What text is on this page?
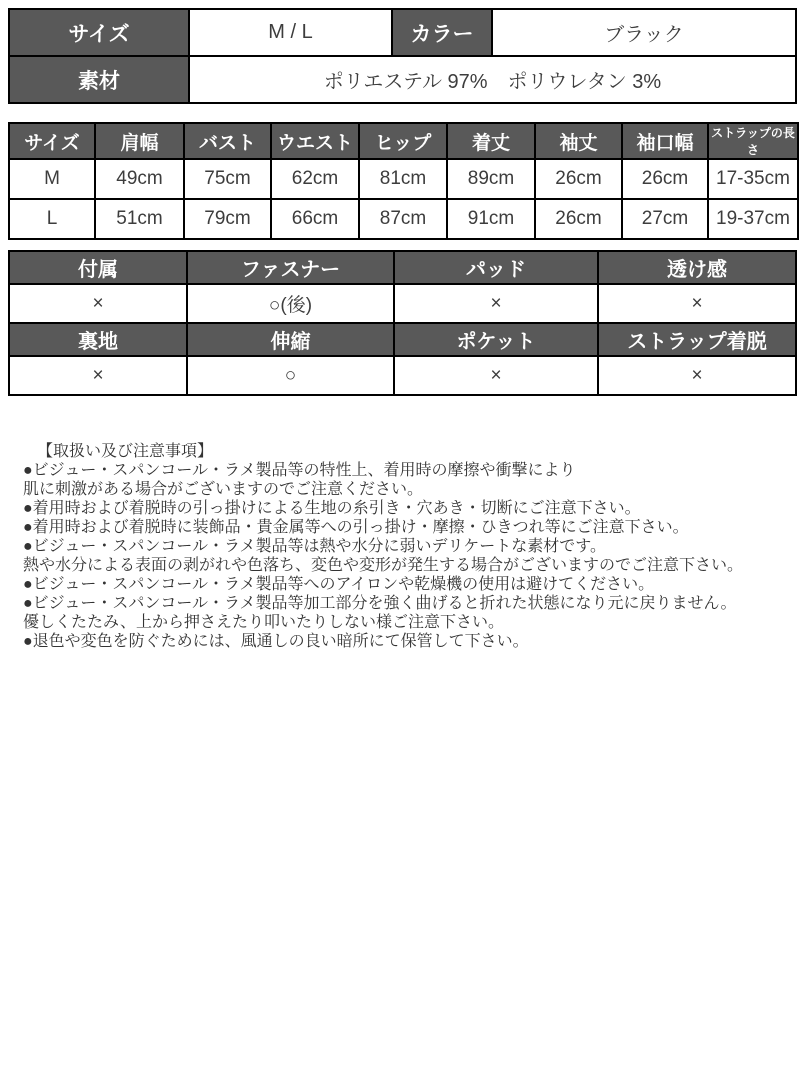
サイズ	M / L	カラー	ブラック
素材	ポリエステル 97%　ポリウレタン 3%		
サイズ	肩幅	バスト	ウエスト	ヒップ	着丈	袖丈	袖口幅	ストラップの長さ
M	49cm	75cm	62cm	81cm	89cm	26cm	26cm	17-35cm
L	51cm	79cm	66cm	87cm	91cm	26cm	27cm	19-37cm
付属	ファスナー	パッド	透け感
×	○(後)	×	×
裏地	伸縮	ポケット	ストラップ着脱
×	○	×	×
【取扱い及び注意事項】
●ビジュー・スパンコール・ラメ製品等の特性上、着用時の摩擦や衝撃により
肌に刺激がある場合がございますのでご注意ください。
●着用時および着脱時の引っ掛けによる生地の糸引き・穴あき・切断にご注意下さい。
●着用時および着脱時に装飾品・貴金属等への引っ掛け・摩擦・ひきつれ等にご注意下さい。
●ビジュー・スパンコール・ラメ製品等は熱や水分に弱いデリケートな素材です。
熱や水分による表面の剥がれや色落ち、変色や変形が発生する場合がございますのでご注意下さい。
●ビジュー・スパンコール・ラメ製品等へのアイロンや乾燥機の使用は避けてください。
●ビジュー・スパンコール・ラメ製品等加工部分を強く曲げると折れた状態になり元に戻りません。
優しくたたみ、上から押さえたり叩いたりしない様ご注意下さい。
●退色や変色を防ぐためには、風通しの良い暗所にて保管して下さい。
